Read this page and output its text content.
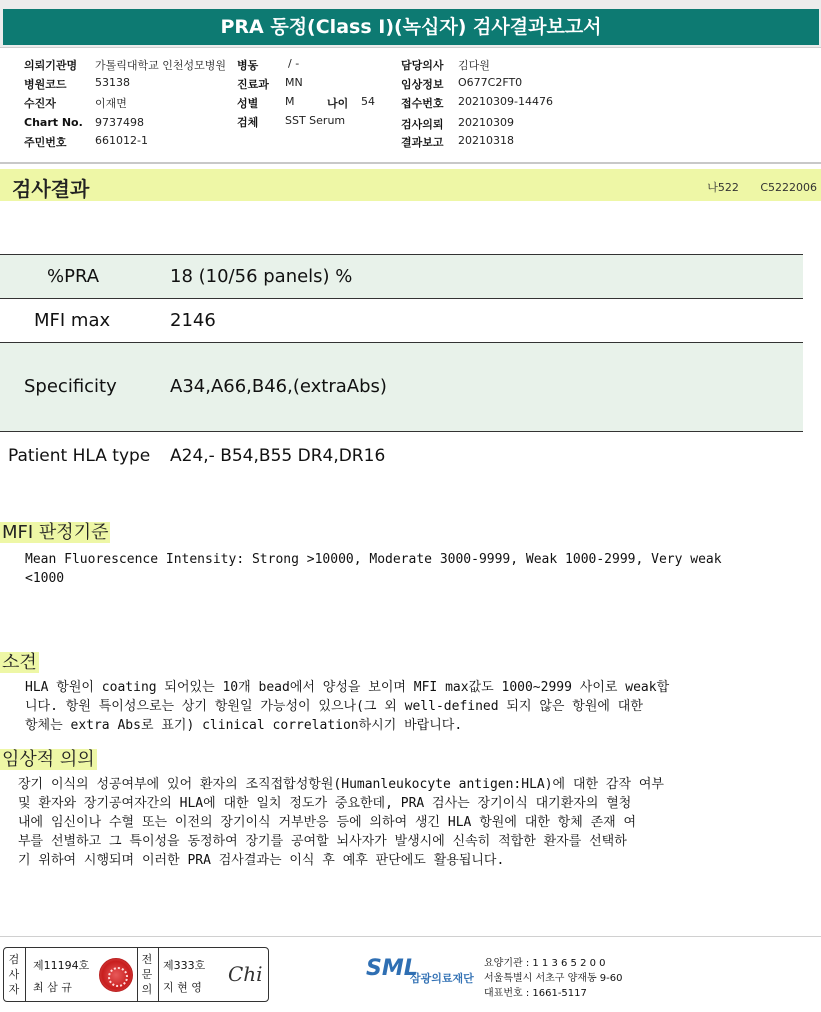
PRA 동정(Class I)(녹십자) 검사결과보고서
의뢰기관명 가톨릭대학교 인천성모병원 병동	/ -	담당의사 김다원
병원코드	53138	진료과 MN	임상정보 O677C2FT0
수진자	이재면	성별 M	나이 54 접수번호 20210309-14476
Chart No. 9737498	검체 SST Serum	검사의뢰 20210309
주민번호	661012-1	결과보고 20210318
검사결과	나522 C5222006
%PRA	18 (10/56 panels) %
MFI max	2146
Specificity	A34,A66,B46,(extraAbs)
Patient HLA type A24,- B54,B55 DR4,DR16
MFI 판정기준
Mean Fluorescence Intensity: Strong >10000, Moderate 3000-9999, Weak 1000-2999, Very weak
<1000
소견
HLA 항원이 coating 되어있는 10개 bead에서 양성을 보이며 MFI max값도 1000~2999 사이로 weak합
니다. 항원 특이성으로는 상기 항원일 가능성이 있으나(그 외 well-defined 되지 않은 항원에 대한
항체는 extra Abs로 표기) clinical correlation하시기 바랍니다.
임상적 의의
장기 이식의 성공여부에 있어 환자의 조직접합성항원(Humanleukocyte antigen:HLA)에 대한 감작 여부
및 환자와 장기공여자간의 HLA에 대한 일치 정도가 중요한데, PRA 검사는 장기이식 대기환자의 혈청
내에 임신이나 수혈 또는 이전의 장기이식 거부반응 등에 의하여 생긴 HLA 항원에 대한 항체 존재 여
부를 선별하고 그 특이성을 동정하여 장기를 공여할 뇌사자가 발생시에 신속히 적합한 환자를 선택하
기 위하여 시행되며 이러한 PRA 검사결과는 이식 후 예후 판단에도 활용됩니다.
검
사
자
제11194호
최 삼 규
전
문
의
제333호
지 현 영
Chi	SML
삼광의료재단
요양기관 : 1 1 3 6 5 2 0 0
서울특별시 서초구 양재동 9-60
대표번호 : 1661-5117
